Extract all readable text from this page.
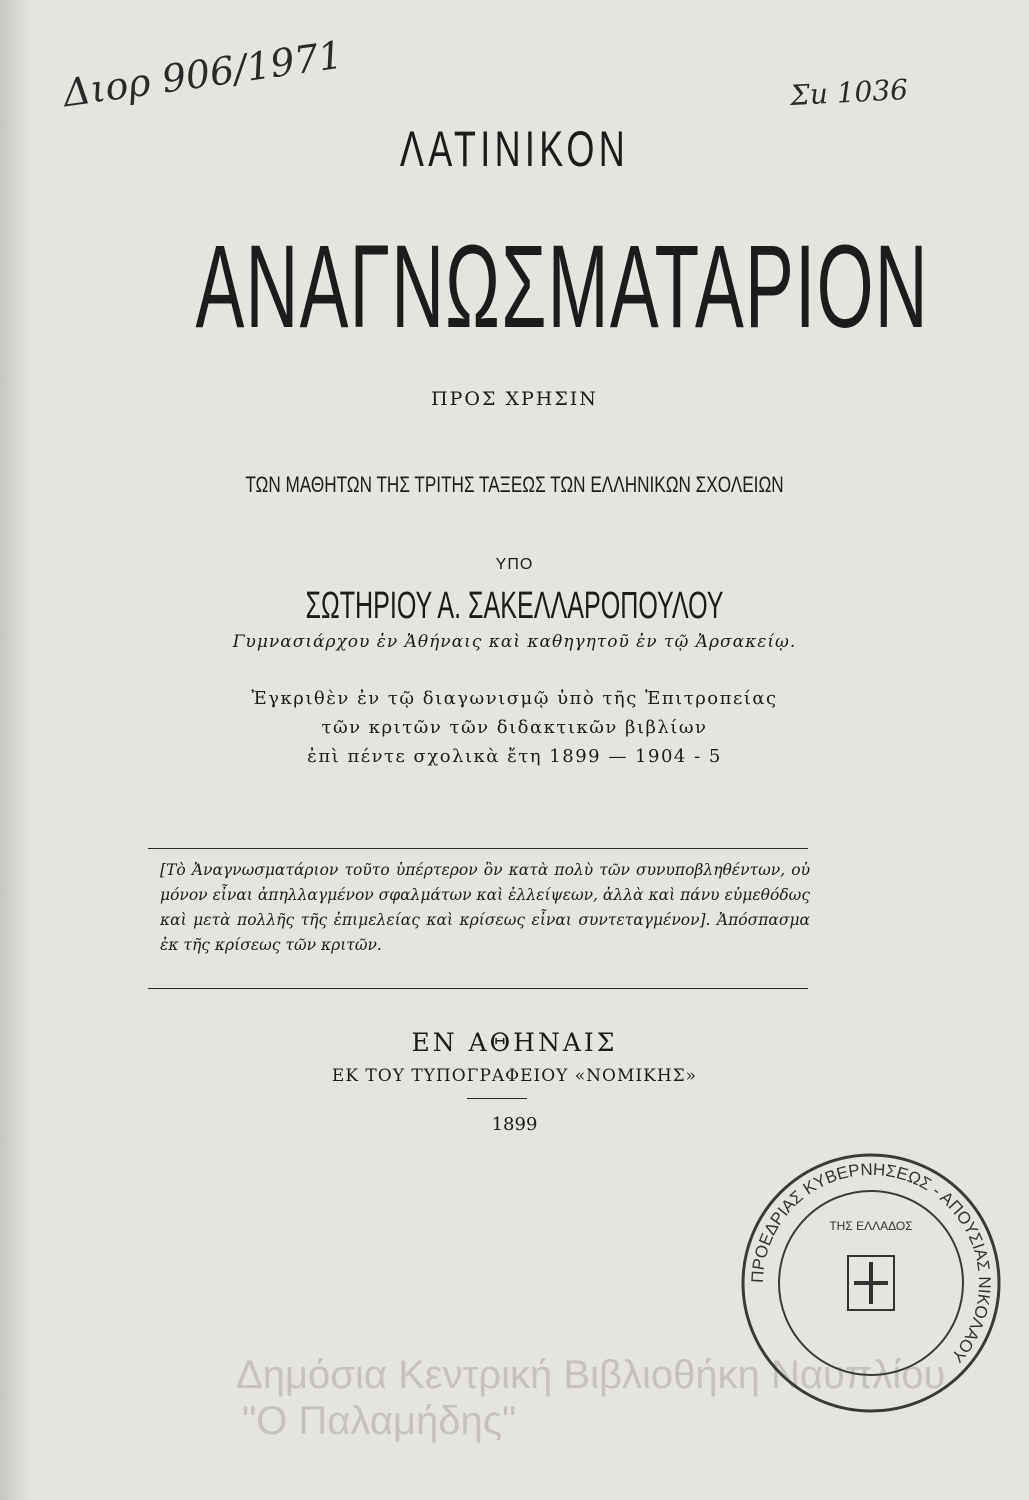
Διορ 906/1971	Σu 1036
ΛΑΤΙΝΙΚΟΝ
ΑΝΑΓΝΩΣΜΑΤΑΡΙΟΝ
ΠΡΟΣ ΧΡΗΣΙΝ
ΤΩΝ ΜΑΘΗΤΩΝ ΤΗΣ ΤΡΙΤΗΣ ΤΑΞΕΩΣ ΤΩΝ ΕΛΛΗΝΙΚΩΝ ΣΧΟΛΕΙΩΝ
ΥΠΟ
ΣΩΤΗΡΙΟΥ Α. ΣΑΚΕΛΛΑΡΟΠΟΥΛΟΥ
Γυμνασιάρχου ἐν Ἀθήναις καὶ καθηγητοῦ ἐν τῷ Ἀρσακείῳ.
Ἐγκριθὲν ἐν τῷ διαγωνισμῷ ὑπὸ τῆς Ἐπιτροπείας
τῶν κριτῶν τῶν διδακτικῶν βιβλίων
ἐπὶ πέντε σχολικὰ ἔτη 1899 — 1904 - 5
[Τὸ Ἀναγνωσματάριον τοῦτο ὑπέρτερον ὂν κατὰ πολὺ τῶν συνυποβληθέντων, οὐ μόνον εἶναι ἀπηλλαγμένον σφαλμάτων καὶ ἐλλείψεων, ἀλλὰ καὶ πάνυ εὐμεθόδως καὶ μετὰ πολλῆς τῆς ἐπιμελείας καὶ κρίσεως εἶναι συντεταγμένον]. Ἀπόσπασμα ἐκ τῆς κρίσεως τῶν κριτῶν.
ΕΝ ΑΘΗΝΑΙΣ
ΕΚ ΤΟΥ ΤΥΠΟΓΡΑΦΕΙΟΥ «ΝΟΜΙΚΗΣ»
1899
Δημόσια Κεντρική Βιβλιοθήκη Ναυπλίου
"Ο Παλαμήδης"
ΠΡΟΕΔΡΙΑΣ ΚΥΒΕΡΝΗΣΕΩΣ - ΑΠΟΥΣΙΑΣ ΝΙΚΟΛΑΟΥ
ΤΗΣ ΕΛΛΑΔΟΣ
